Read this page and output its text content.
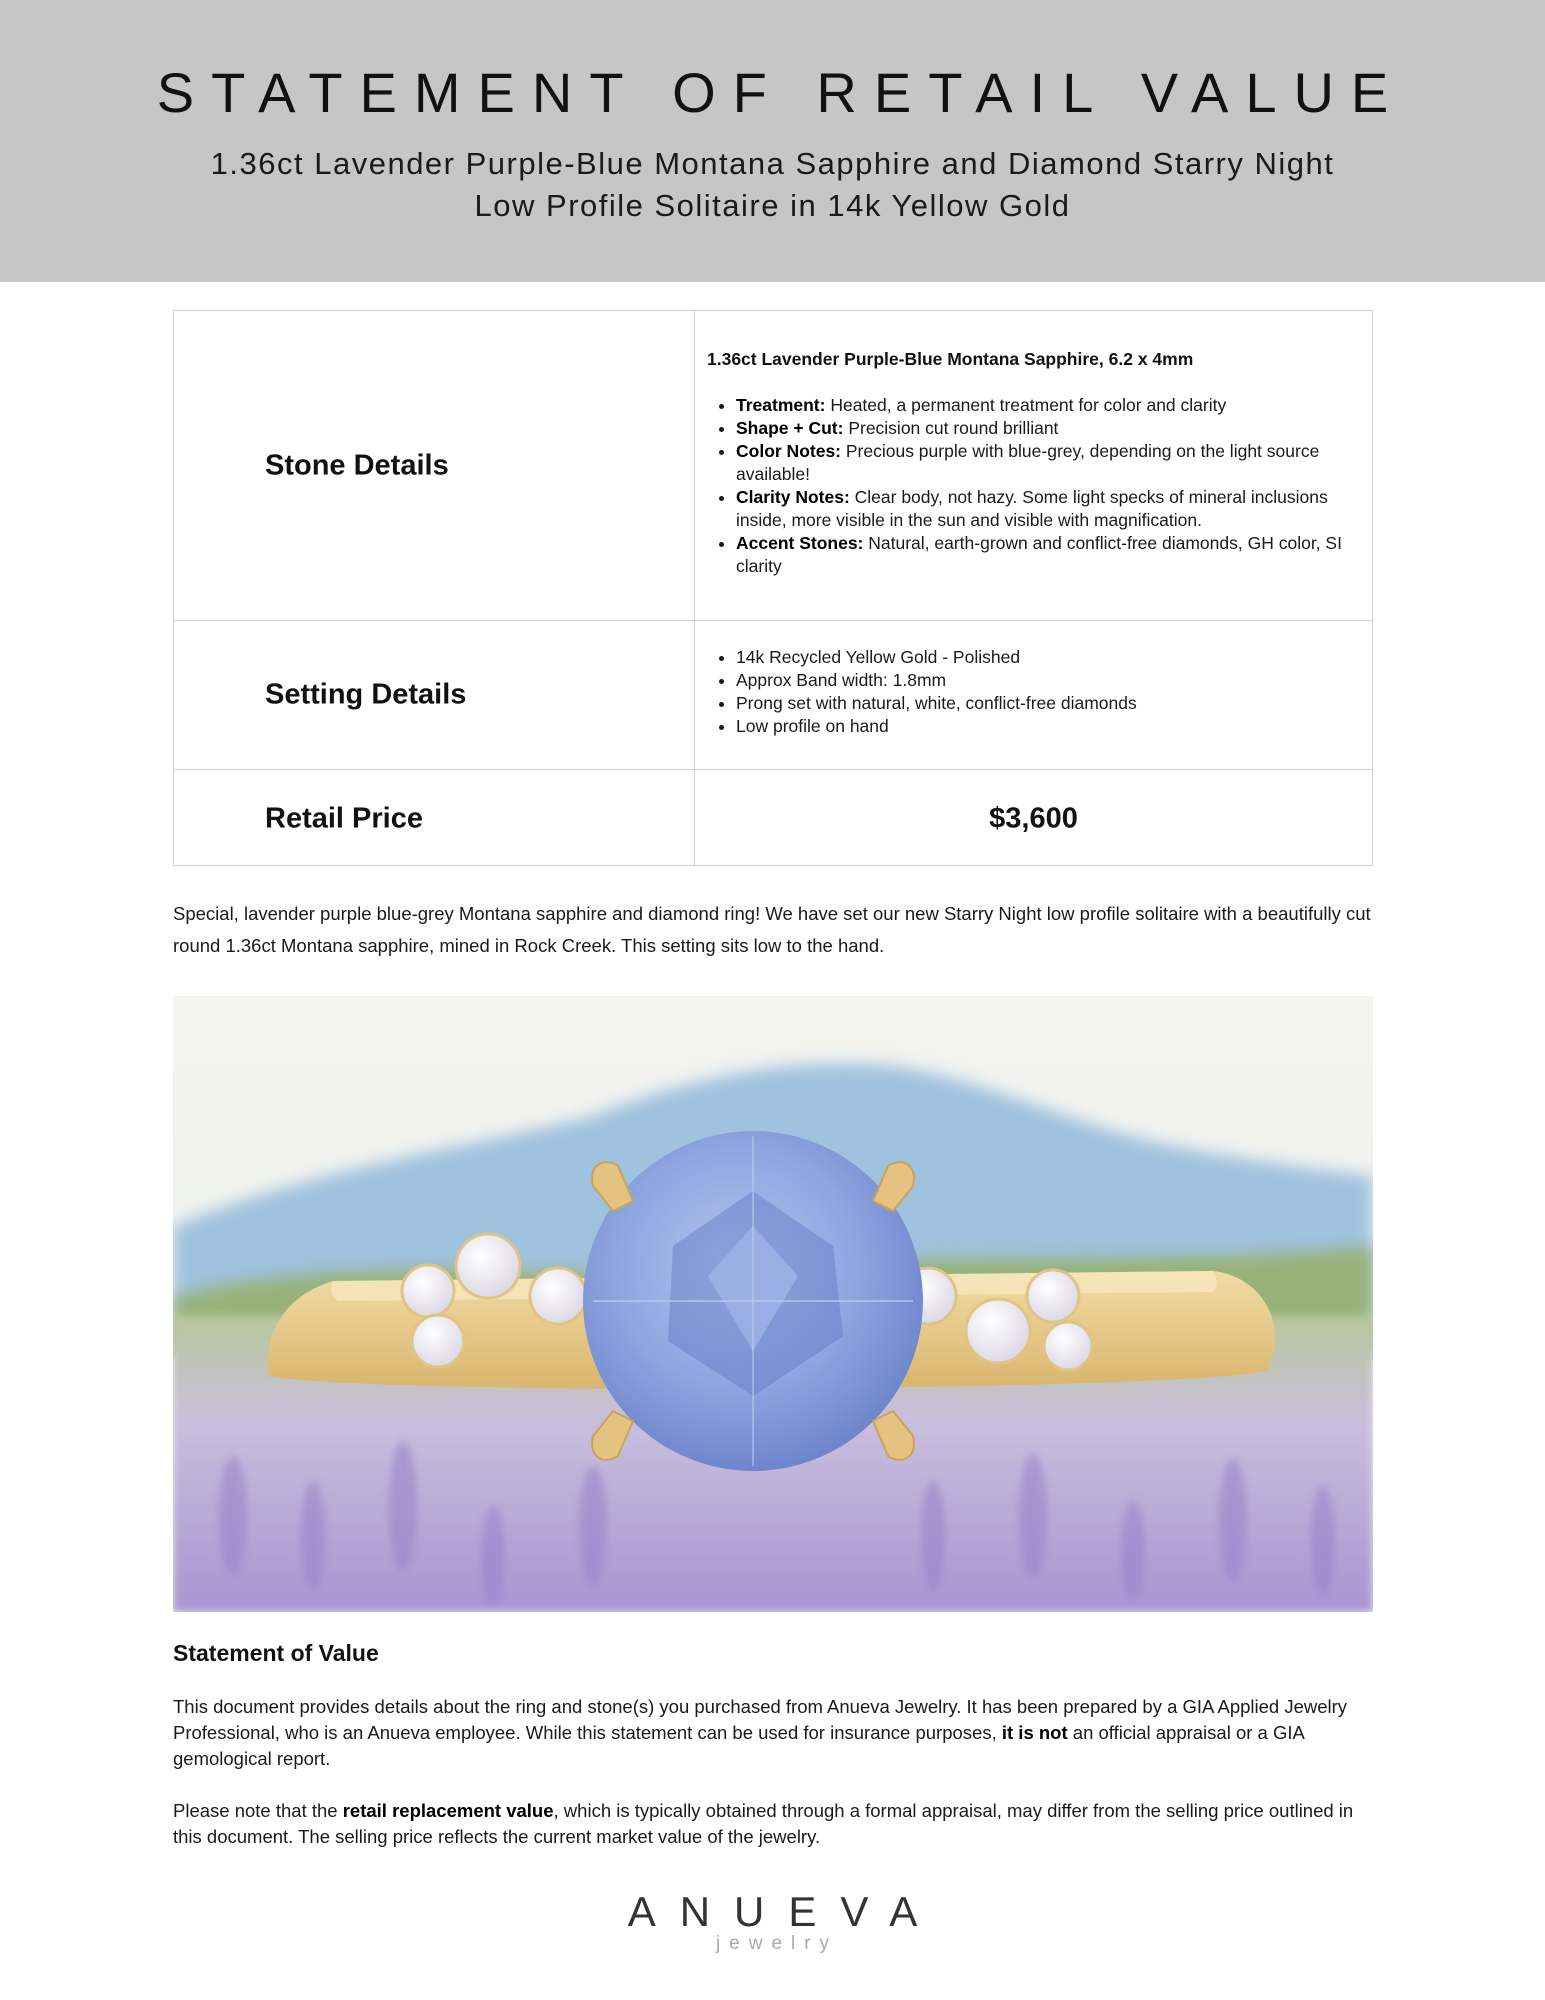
STATEMENT OF RETAIL VALUE
1.36ct Lavender Purple-Blue Montana Sapphire and Diamond Starry Night Low Profile Solitaire in 14k Yellow Gold
Stone Details
1.36ct Lavender Purple-Blue Montana Sapphire, 6.2 x 4mm
• Treatment: Heated, a permanent treatment for color and clarity
• Shape + Cut: Precision cut round brilliant
• Color Notes: Precious purple with blue-grey, depending on the light source available!
• Clarity Notes: Clear body, not hazy. Some light specks of mineral inclusions inside, more visible in the sun and visible with magnification.
• Accent Stones: Natural, earth-grown and conflict-free diamonds, GH color, SI clarity
Setting Details
• 14k Recycled Yellow Gold - Polished
• Approx Band width: 1.8mm
• Prong set with natural, white, conflict-free diamonds
• Low profile on hand
Retail Price	$3,600
Special, lavender purple blue-grey Montana sapphire and diamond ring! We have set our new Starry Night low profile solitaire with a beautifully cut round 1.36ct Montana sapphire, mined in Rock Creek. This setting sits low to the hand.
Statement of Value
This document provides details about the ring and stone(s) you purchased from Anueva Jewelry. It has been prepared by a GIA Applied Jewelry Professional, who is an Anueva employee. While this statement can be used for insurance purposes, it is not an official appraisal or a GIA gemological report.
Please note that the retail replacement value, which is typically obtained through a formal appraisal, may differ from the selling price outlined in this document. The selling price reflects the current market value of the jewelry.
ANUEVA
jewelry
